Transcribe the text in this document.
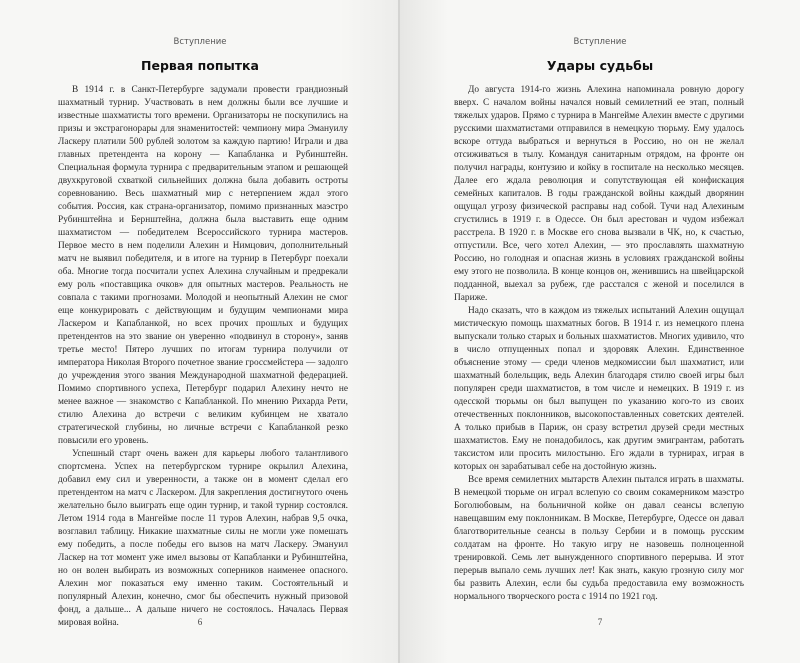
Вступление
Первая попытка

В 1914 г. в Санкт-Петербурге задумали провести грандиозный шахматный турнир. Участвовать в нем должны были все лучшие и известные шахматисты того времени. Организаторы не поскупились на призы и экстрагонорары для знаменитостей: чемпиону мира Эмануилу Ласкеру платили 500 рублей золотом за каждую партию! Играли и два главных претендента на корону — Капабланка и Рубинштейн. Специальная формула турнира с предварительным этапом и решающей двухкруговой схваткой сильнейших должна была добавить остроты соревнованию. Весь шахматный мир с нетерпением ждал этого события. Россия, как страна-организатор, помимо признанных маэстро Рубинштейна и Бернштейна, должна была выставить еще одним шахматистом — победителем Всероссийского турнира мастеров. Первое место в нем поделили Алехин и Нимцович, дополнительный матч не выявил победителя, и в итоге на турнир в Петербург поехали оба. Многие тогда посчитали успех Алехина случайным и предрекали ему роль «поставщика очков» для опытных мастеров. Реальность не совпала с такими прогнозами. Молодой и неопытный Алехин не смог еще конкурировать с действующим и будущим чемпионами мира Ласкером и Капабланкой, но всех прочих прошлых и будущих претендентов на это звание он уверенно «подвинул в сторону», заняв третье место! Пятеро лучших по итогам турнира получили от императора Николая Второго почетное звание гроссмейстера — задолго до учреждения этого звания Международной шахматной федерацией. Помимо спортивного успеха, Петербург подарил Алехину нечто не менее важное — знакомство с Капабланкой. По мнению Рихарда Рети, стилю Алехина до встречи с великим кубинцем не хватало стратегической глубины, но личные встречи с Капабланкой резко повысили его уровень.

Успешный старт очень важен для карьеры любого талантливого спортсмена. Успех на петербургском турнире окрылил Алехина, добавил ему сил и уверенности, а также он в момент сделал его претендентом на матч с Ласкером. Для закрепления достигнутого очень желательно было выиграть еще один турнир, и такой турнир состоялся. Летом 1914 года в Мангейме после 11 туров Алехин, набрав 9,5 очка, возглавил таблицу. Никакие шахматные силы не могли уже помешать ему победить, а после победы его вызов на матч Ласкеру. Эмануил Ласкер на тот момент уже имел вызовы от Капабланки и Рубинштейна, но он волен выбирать из возможных соперников наименее опасного. Алехин мог показаться ему именно таким. Состоятельный и популярный Алехин, конечно, смог бы обеспечить нужный призовой фонд, а дальше... А дальше ничего не состоялось. Началась Первая мировая война.	6
Вступление
Удары судьбы

До августа 1914-го жизнь Алехина напоминала ровную дорогу вверх. С началом войны начался новый семилетний ее этап, полный тяжелых ударов. Прямо с турнира в Мангейме Алехин вместе с другими русскими шахматистами отправился в немецкую тюрьму. Ему удалось вскоре оттуда выбраться и вернуться в Россию, но он не желал отсиживаться в тылу. Командуя санитарным отрядом, на фронте он получил награды, контузию и койку в госпитале на несколько месяцев. Далее его ждала революция и сопутствующая ей конфискация семейных капиталов. В годы гражданской войны каждый дворянин ощущал угрозу физической расправы над собой. Тучи над Алехиным сгустились в 1919 г. в Одессе. Он был арестован и чудом избежал расстрела. В 1920 г. в Москве его снова вызвали в ЧК, но, к счастью, отпустили. Все, чего хотел Алехин, — это прославлять шахматную Россию, но голодная и опасная жизнь в условиях гражданской войны ему этого не позволила. В конце концов он, женившись на швейцарской подданной, выехал за рубеж, где расстался с женой и поселился в Париже.

Надо сказать, что в каждом из тяжелых испытаний Алехин ощущал мистическую помощь шахматных богов. В 1914 г. из немецкого плена выпускали только старых и больных шахматистов. Многих удивило, что в число отпущенных попал и здоровяк Алехин. Единственное объяснение этому — среди членов медкомиссии был шахматист, или шахматный болельщик, ведь Алехин благодаря стилю своей игры был популярен среди шахматистов, в том числе и немецких. В 1919 г. из одесской тюрьмы он был выпущен по указанию кого-то из своих отечественных поклонников, высокопоставленных советских деятелей. А только прибыв в Париж, он сразу встретил друзей среди местных шахматистов. Ему не понадобилось, как другим эмигрантам, работать таксистом или просить милостыню. Его ждали в турнирах, играя в которых он зарабатывал себе на достойную жизнь.

Все время семилетних мытарств Алехин пытался играть в шахматы. В немецкой тюрьме он играл вслепую со своим сокамерником маэстро Боголюбовым, на больничной койке он давал сеансы вслепую навещавшим ему поклонникам. В Москве, Петербурге, Одессе он давал благотворительные сеансы в пользу Сербии и в помощь русским солдатам на фронте. Но такую игру не назовешь полноценной тренировкой. Семь лет вынужденного спортивного перерыва. И этот перерыв выпало семь лучших лет! Как знать, какую грозную силу мог бы развить Алехин, если бы судьба предоставила ему возможность нормального творческого роста с 1914 по 1921 год.

7
